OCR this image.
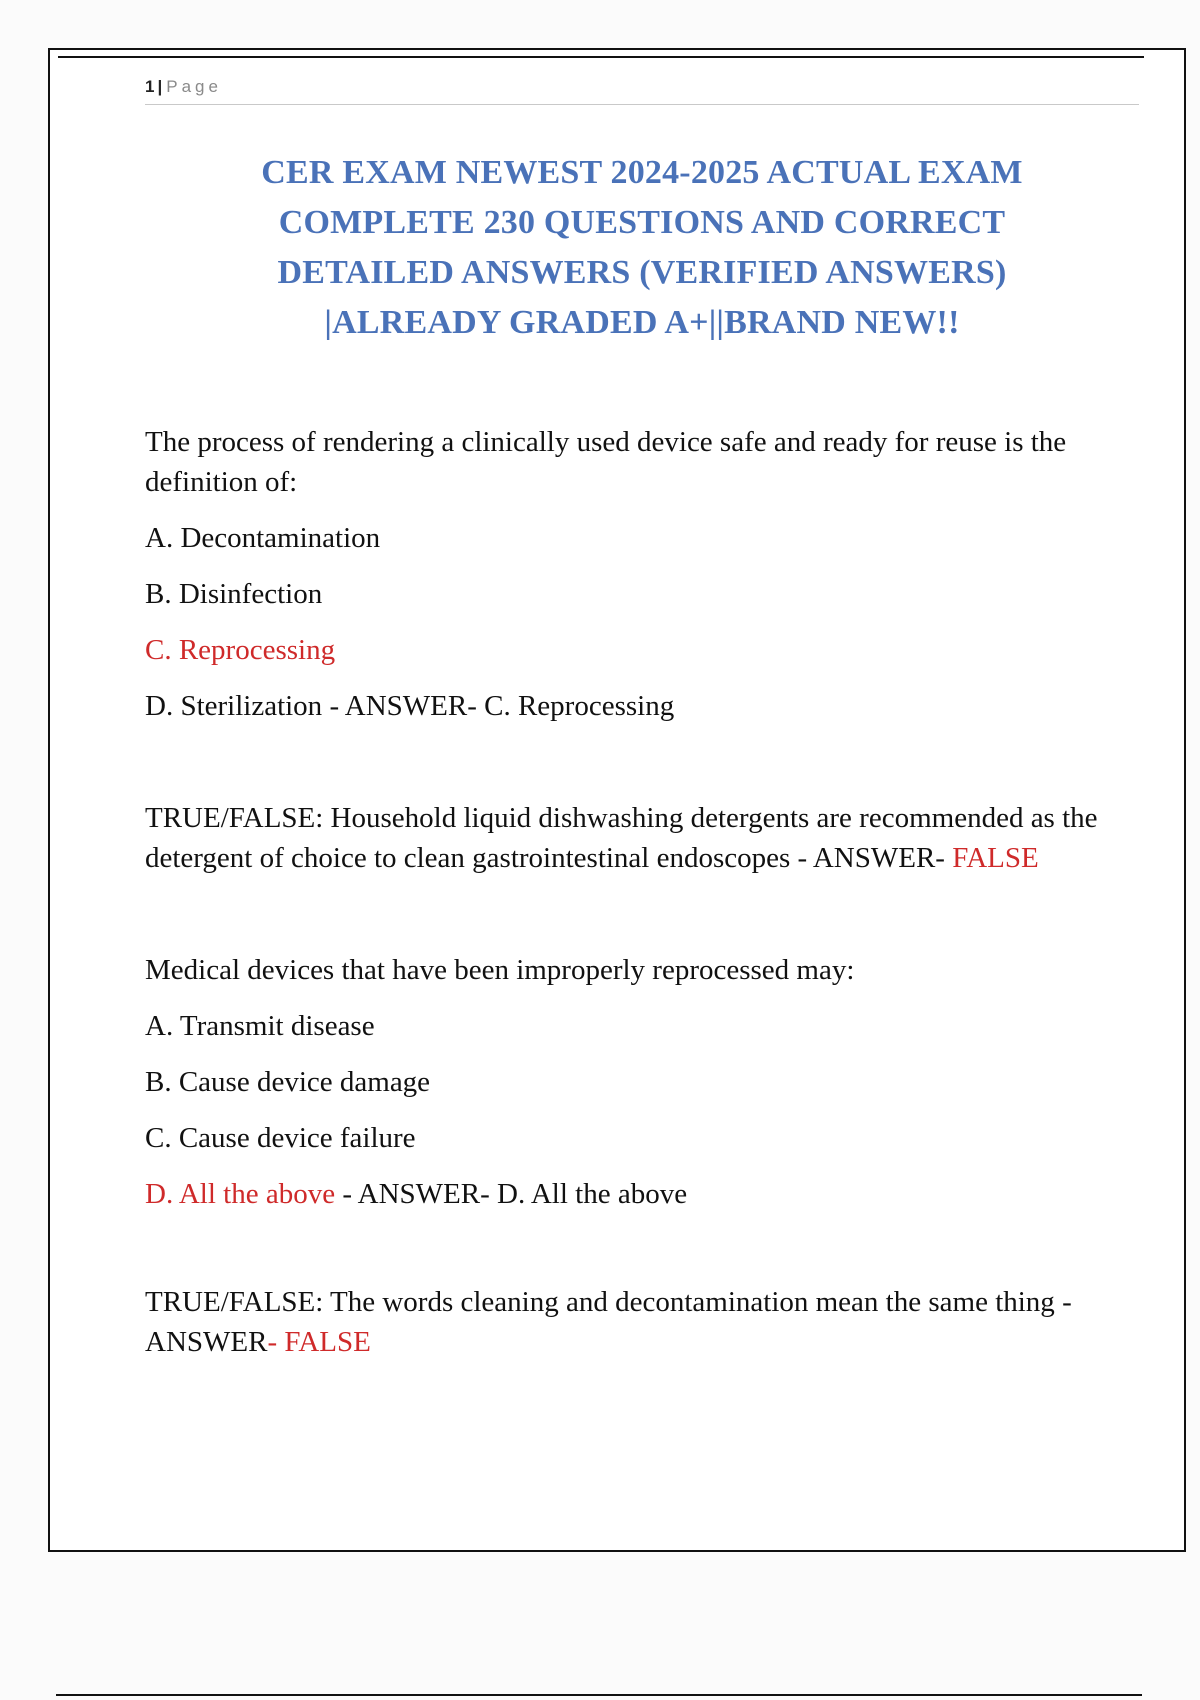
1 | Page
CER EXAM NEWEST 2024-2025 ACTUAL EXAM
COMPLETE 230 QUESTIONS AND CORRECT
DETAILED ANSWERS (VERIFIED ANSWERS)
|ALREADY GRADED A+||BRAND NEW!!
The process of rendering a clinically used device safe and ready for reuse is the definition of:
A. Decontamination
B. Disinfection
C. Reprocessing
D. Sterilization - ANSWER- C. Reprocessing
TRUE/FALSE: Household liquid dishwashing detergents are recommended as the detergent of choice to clean gastrointestinal endoscopes - ANSWER- FALSE
Medical devices that have been improperly reprocessed may:
A. Transmit disease
B. Cause device damage
C. Cause device failure
D. All the above - ANSWER- D. All the above
TRUE/FALSE: The words cleaning and decontamination mean the same thing - ANSWER- FALSE
